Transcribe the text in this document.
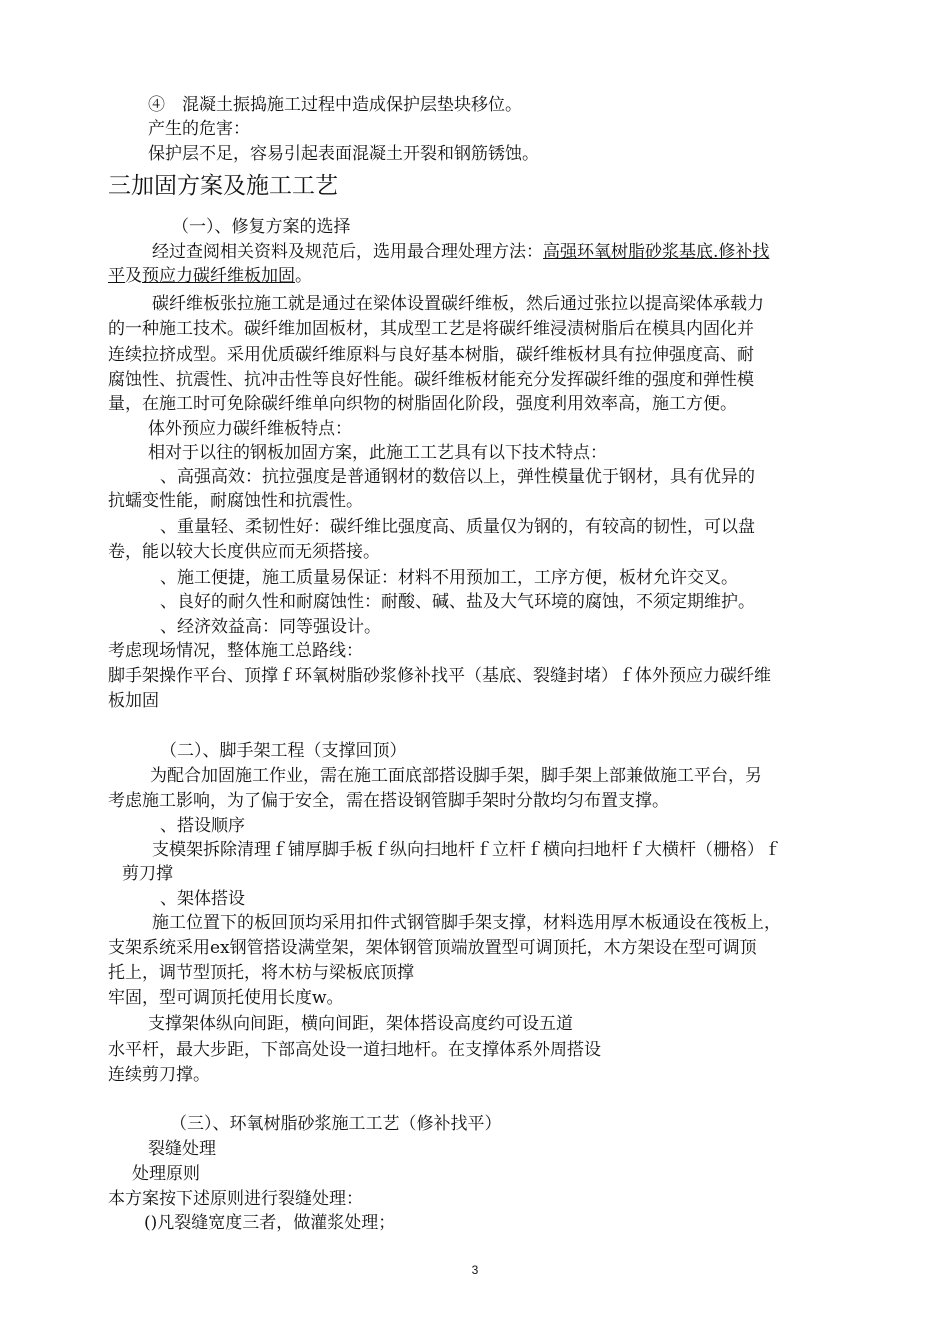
④　混凝土振捣施工过程中造成保护层垫块移位。
产生的危害：
保护层不足，容易引起表面混凝土开裂和钢筋锈蚀。
三加固方案及施工工艺
（一）、修复方案的选择
经过查阅相关资料及规范后，选用最合理处理方法：高强环氧树脂砂浆基底.修补找
平及预应力碳纤维板加固。
碳纤维板张拉施工就是通过在梁体设置碳纤维板，然后通过张拉以提高梁体承载力
的一种施工技术。碳纤维加固板材，其成型工艺是将碳纤维浸渍树脂后在模具内固化并
连续拉挤成型。采用优质碳纤维原料与良好基本树脂，碳纤维板材具有拉伸强度高、耐
腐蚀性、抗震性、抗冲击性等良好性能。碳纤维板材能充分发挥碳纤维的强度和弹性模
量，在施工时可免除碳纤维单向织物的树脂固化阶段，强度利用效率高，施工方便。
体外预应力碳纤维板特点：
相对于以往的钢板加固方案，此施工工艺具有以下技术特点：
、高强高效：抗拉强度是普通钢材的数倍以上，弹性模量优于钢材，具有优异的
抗蠕变性能，耐腐蚀性和抗震性。
、重量轻、柔韧性好：碳纤维比强度高、质量仅为钢的，有较高的韧性，可以盘
卷，能以较大长度供应而无须搭接。
、施工便捷，施工质量易保证：材料不用预加工，工序方便，板材允许交叉。
、良好的耐久性和耐腐蚀性：耐酸、碱、盐及大气环境的腐蚀，不须定期维护。
、经济效益高：同等强设计。
考虑现场情况，整体施工总路线：
脚手架操作平台、顶撑ｆ环氧树脂砂浆修补找平（基底、裂缝封堵）ｆ体外预应力碳纤维
板加固
（二）、脚手架工程（支撑回顶）
为配合加固施工作业，需在施工面底部搭设脚手架，脚手架上部兼做施工平台，另
考虑施工影响，为了偏于安全，需在搭设钢管脚手架时分散均匀布置支撑。
、搭设顺序
支模架拆除清理ｆ铺厚脚手板ｆ纵向扫地杆ｆ立杆ｆ横向扫地杆ｆ大横杆（栅格）ｆ
剪刀撑
、架体搭设
施工位置下的板回顶均采用扣件式钢管脚手架支撑，材料选用厚木板通设在筏板上，
支架系统采用ex钢管搭设满堂架，架体钢管顶端放置型可调顶托，木方架设在型可调顶
托上，调节型顶托，将木枋与梁板底顶撑
牢固，型可调顶托使用长度w。
支撑架体纵向间距，横向间距，架体搭设高度约可设五道
水平杆，最大步距，下部高处设一道扫地杆。在支撑体系外周搭设
连续剪刀撑。
（三）、环氧树脂砂浆施工工艺（修补找平）
裂缝处理
处理原则
本方案按下述原则进行裂缝处理：
()凡裂缝宽度三者，做灌浆处理；
3
